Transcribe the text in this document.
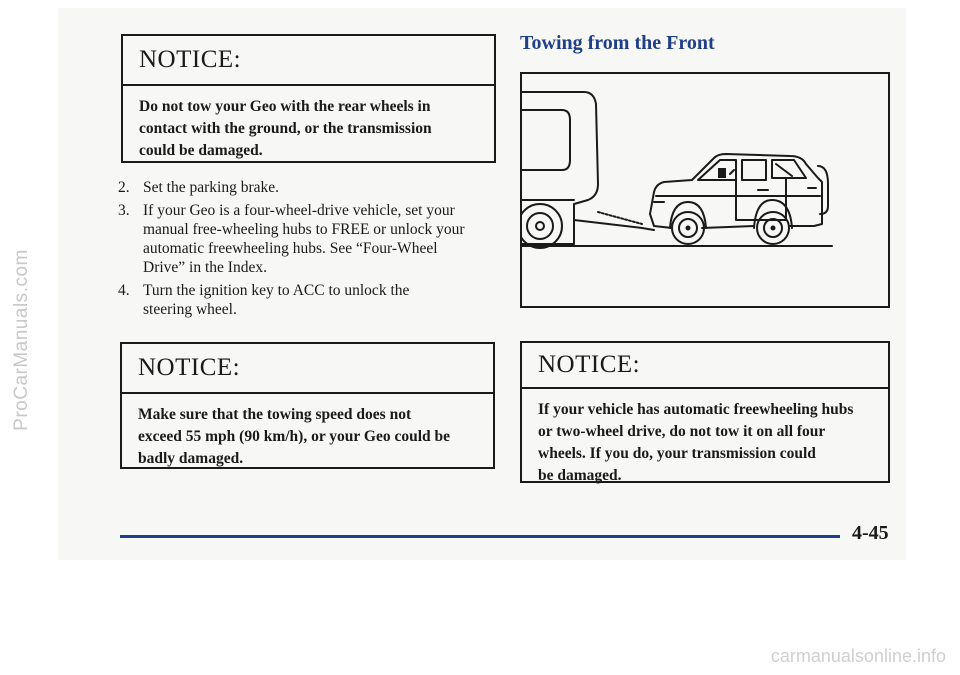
ProCarManuals.com
NOTICE:
Do not tow your Geo with the rear wheels in
contact with the ground, or the transmission
could be damaged.
2. Set the parking brake.
3. If your Geo is a four-wheel-drive vehicle, set your
manual free-wheeling hubs to FREE or unlock your
automatic freewheeling hubs. See “Four-Wheel
Drive” in the Index.
4. Turn the ignition key to ACC to unlock the
steering wheel.
NOTICE:
Make sure that the towing speed does not
exceed 55 mph (90 km/h), or your Geo could be
badly damaged.
Towing from the Front
NOTICE:
If your vehicle has automatic freewheeling hubs
or two-wheel drive, do not tow it on all four
wheels. If you do, your transmission could
be damaged.
4-45
carmanualsonline.info
